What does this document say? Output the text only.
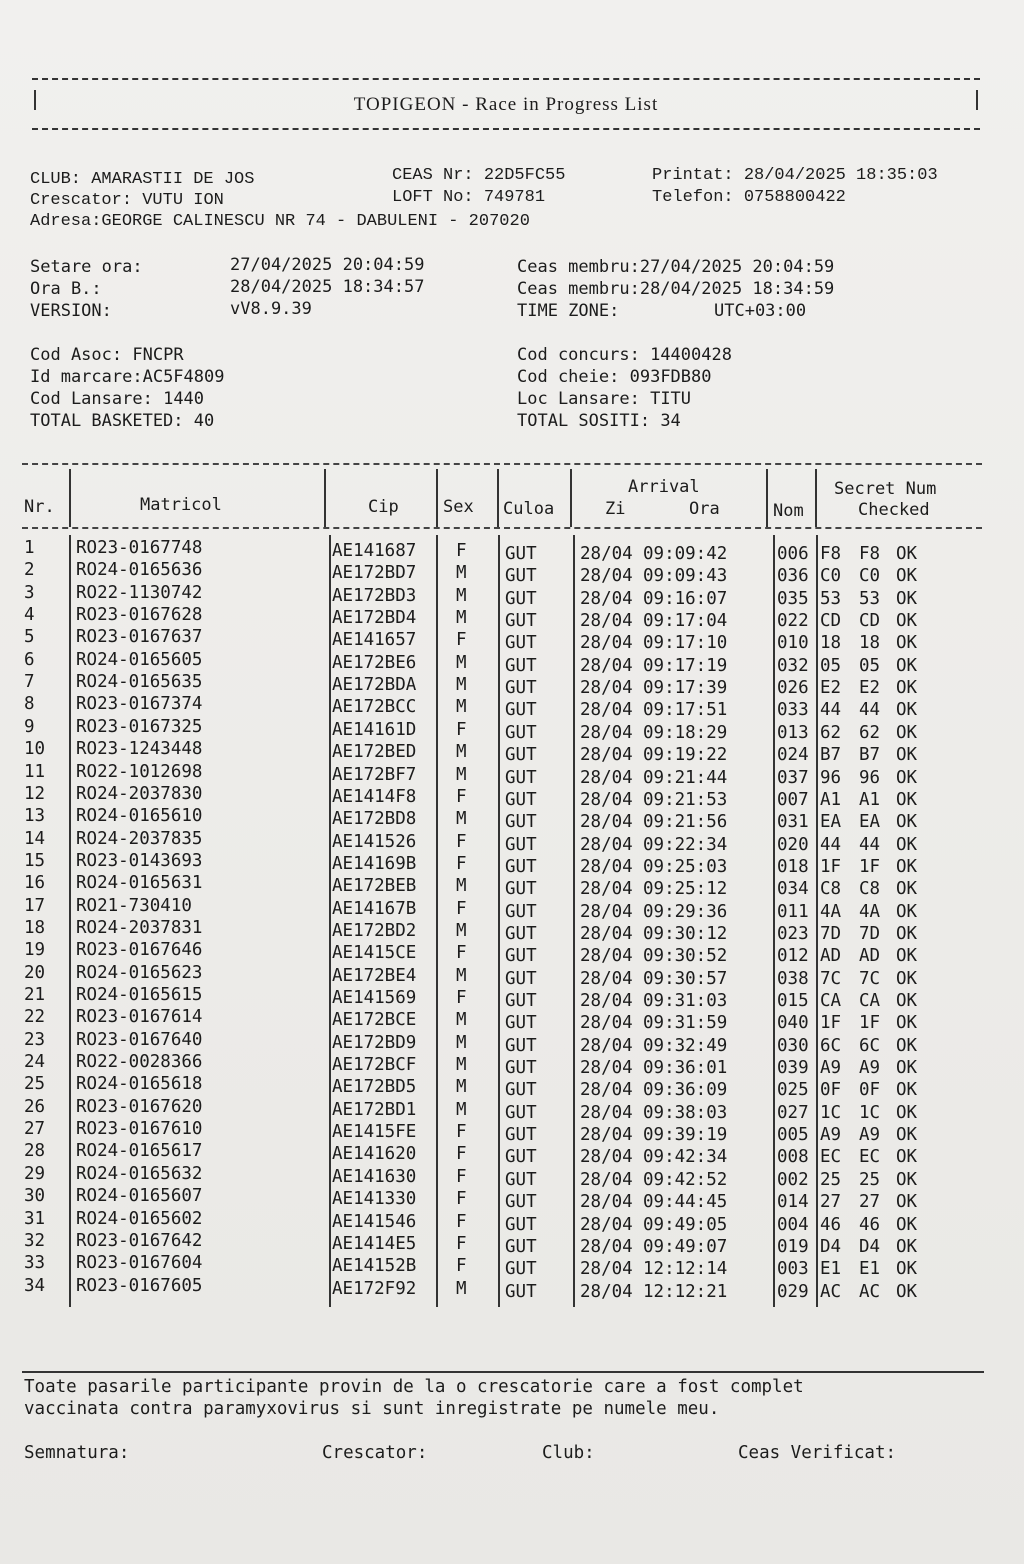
TOPIGEON - Race in Progress List
CLUB: AMARASTII DE JOS
Crescator: VUTU ION
Adresa:GEORGE CALINESCU NR 74 - DABULENI - 207020
CEAS Nr: 22D5FC55
LOFT No: 749781
Printat: 28/04/2025 18:35:03
Telefon: 0758800422
Setare ora:	27/04/2025 20:04:59
Ora B.:	28/04/2025 18:34:57
VERSION:	vV8.9.39
Ceas membru:27/04/2025 20:04:59
Ceas membru:28/04/2025 18:34:59
TIME ZONE:	UTC+03:00
Cod Asoc: FNCPR
Id marcare:AC5F4809
Cod Lansare: 1440
TOTAL BASKETED: 40
Cod concurs: 14400428
Cod cheie: 093FDB80
Loc Lansare: TITU
TOTAL SOSITI: 34
Nr.	Matricol	Cip	Sex Culoa
Arrival
Zi	Ora	Nom
Secret Num
Checked
1 RO23-0167748	AE141687 F GUT 28/04 09:09:42	006 F8 F8 OK
2 RO24-0165636	AE172BD7 M GUT 28/04 09:09:43	036 C0 C0 OK
3 RO22-1130742	AE172BD3 M GUT 28/04 09:16:07	035 53 53 OK
4 RO23-0167628	AE172BD4 M GUT 28/04 09:17:04	022 CD CD OK
5 RO23-0167637	AE141657 F GUT 28/04 09:17:10	010 18 18 OK
6 RO24-0165605	AE172BE6 M GUT 28/04 09:17:19	032 05 05 OK
7 RO24-0165635	AE172BDA M GUT 28/04 09:17:39	026 E2 E2 OK
8 RO23-0167374	AE172BCC M GUT 28/04 09:17:51	033 44 44 OK
9 RO23-0167325	AE14161D F GUT 28/04 09:18:29	013 62 62 OK
10 RO23-1243448	AE172BED M GUT 28/04 09:19:22	024 B7 B7 OK
11 RO22-1012698	AE172BF7 M GUT 28/04 09:21:44	037 96 96 OK
12 RO24-2037830	AE1414F8 F GUT 28/04 09:21:53	007 A1 A1 OK
13 RO24-0165610	AE172BD8 M GUT 28/04 09:21:56	031 EA EA OK
14 RO24-2037835	AE141526 F GUT 28/04 09:22:34	020 44 44 OK
15 RO23-0143693	AE14169B F GUT 28/04 09:25:03	018 1F 1F OK
16 RO24-0165631	AE172BEB M GUT 28/04 09:25:12	034 C8 C8 OK
17 RO21-730410	AE14167B F GUT 28/04 09:29:36	011 4A 4A OK
18 RO24-2037831	AE172BD2 M GUT 28/04 09:30:12	023 7D 7D OK
19 RO23-0167646	AE1415CE F GUT 28/04 09:30:52	012 AD AD OK
20 RO24-0165623	AE172BE4 M GUT 28/04 09:30:57	038 7C 7C OK
21 RO24-0165615	AE141569 F GUT 28/04 09:31:03	015 CA CA OK
22 RO23-0167614	AE172BCE M GUT 28/04 09:31:59	040 1F 1F OK
23 RO23-0167640	AE172BD9 M GUT 28/04 09:32:49	030 6C 6C OK
24 RO22-0028366	AE172BCF M GUT 28/04 09:36:01	039 A9 A9 OK
25 RO24-0165618	AE172BD5 M GUT 28/04 09:36:09	025 0F 0F OK
26 RO23-0167620	AE172BD1 M GUT 28/04 09:38:03	027 1C 1C OK
27 RO23-0167610	AE1415FE F GUT 28/04 09:39:19	005 A9 A9 OK
28 RO24-0165617	AE141620 F GUT 28/04 09:42:34	008 EC EC OK
29 RO24-0165632	AE141630 F GUT 28/04 09:42:52	002 25 25 OK
30 RO24-0165607	AE141330 F GUT 28/04 09:44:45	014 27 27 OK
31 RO24-0165602	AE141546 F GUT 28/04 09:49:05	004 46 46 OK
32 RO23-0167642	AE1414E5 F GUT 28/04 09:49:07	019 D4 D4 OK
33 RO23-0167604	AE14152B F GUT 28/04 12:12:14	003 E1 E1 OK
34 RO23-0167605	AE172F92 M GUT 28/04 12:12:21	029 AC AC OK
Toate pasarile participante provin de la o crescatorie care a fost complet
vaccinata contra paramyxovirus si sunt inregistrate pe numele meu.
Semnatura:	Crescator:	Club:	Ceas Verificat:
